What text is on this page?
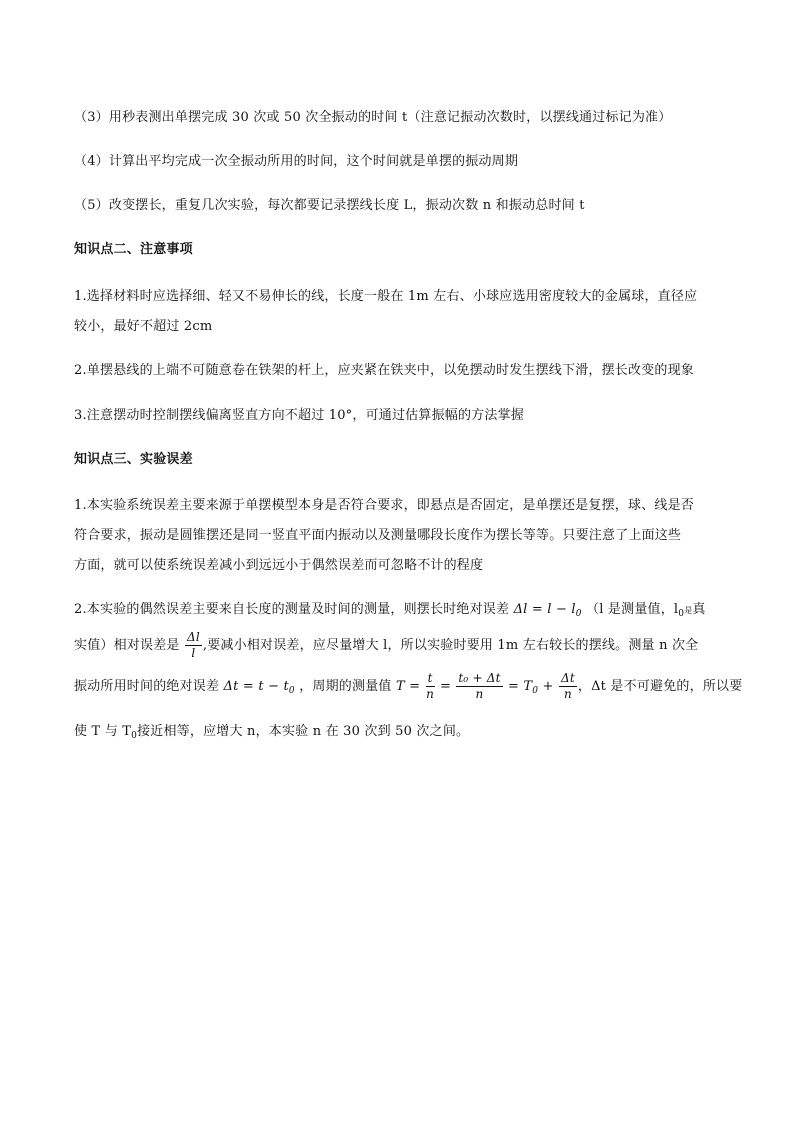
（3）用秒表测出单摆完成 30 次或 50 次全振动的时间 t（注意记振动次数时，以摆线通过标记为准）
（4）计算出平均完成一次全振动所用的时间，这个时间就是单摆的振动周期
（5）改变摆长，重复几次实验，每次都要记录摆线长度 L，振动次数 n 和振动总时间 t
知识点二、注意事项
1.选择材料时应选择细、轻又不易伸长的线，长度一般在 1m 左右、小球应选用密度较大的金属球，直径应
较小，最好不超过 2cm
2.单摆悬线的上端不可随意卷在铁架的杆上，应夹紧在铁夹中，以免摆动时发生摆线下滑，摆长改变的现象
3.注意摆动时控制摆线偏离竖直方向不超过 10°，可通过估算振幅的方法掌握
知识点三、实验误差
1.本实验系统误差主要来源于单摆模型本身是否符合要求，即悬点是否固定，是单摆还是复摆，球、线是否
符合要求，振动是圆锥摆还是同一竖直平面内振动以及测量哪段长度作为摆长等等。只要注意了上面这些
方面，就可以使系统误差减小到远远小于偶然误差而可忽略不计的程度
2.本实验的偶然误差主要来自长度的测量及时间的测量，则摆长时绝对误差 $\Delta l = l - l_0$ （l 是测量值，$l_0$是真
实值）相对误差是 $\frac{\Delta l}{l}$ ,要减小相对误差，应尽量增大 l，所以实验时要用 1m 左右较长的摆线。测量 n 次全
振动所用时间的绝对误差 $\Delta t = t - t_0$ ，周期的测量值 $T = \frac{t}{n} = \frac{\text{t₀ + Δt}}{n} = T_0 + \frac{\Delta t}{n}$ ，Δt 是不可避免的，所以要
使 T 与 $T_0$接近相等，应增大 n，本实验 n 在 30 次到 50 次之间。
